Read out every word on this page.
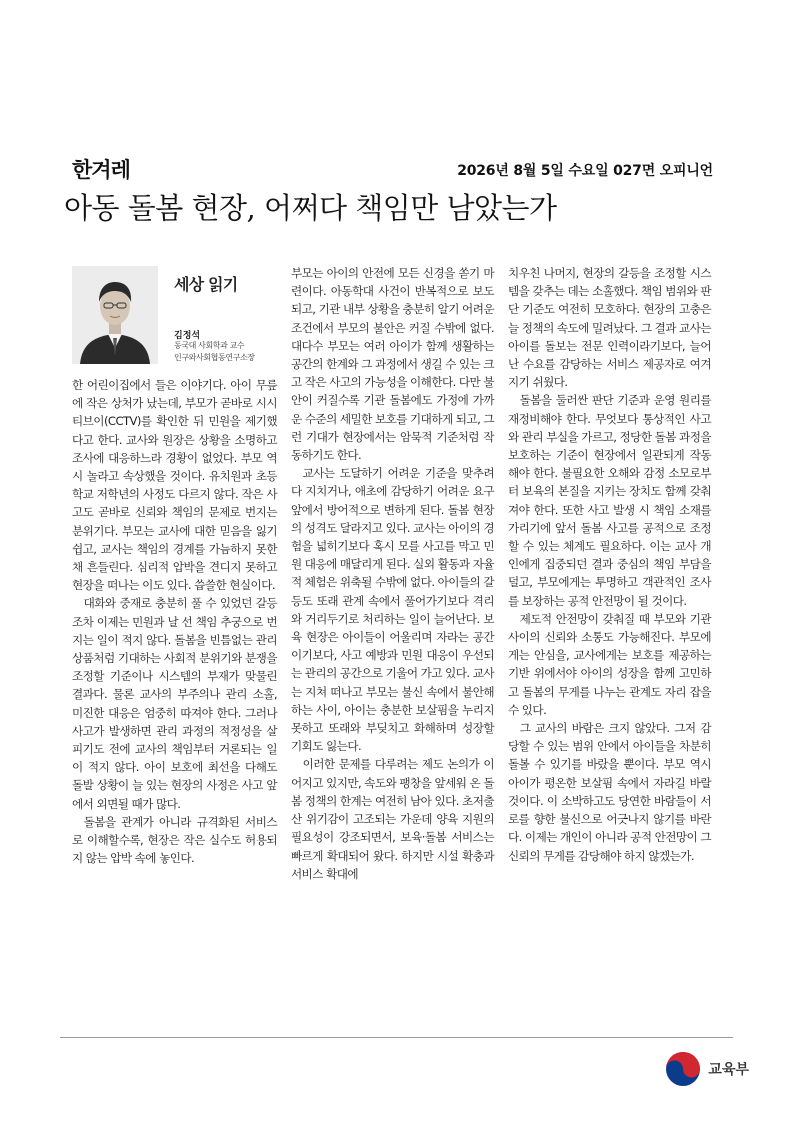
한겨레	2026년 8월 5일 수요일 027면 오피니언
아동 돌봄 현장, 어쩌다 책임만 남았는가
세상 읽기
김정석
동국대 사회학과 교수
인구와사회협동연구소장

한 어린이집에서 들은 이야기다. 아이 무릎에 작은 상처가 났는데, 부모가 곧바로 시시티브이(CCTV)를 확인한 뒤 민원을 제기했다고 한다. 교사와 원장은 상황을 소명하고 조사에 대응하느라 경황이 없었다. 부모 역시 놀라고 속상했을 것이다. 유치원과 초등학교 저학년의 사정도 다르지 않다. 작은 사고도 곧바로 신뢰와 책임의 문제로 번지는 분위기다. 부모는 교사에 대한 믿음을 잃기 쉽고, 교사는 책임의 경계를 가늠하지 못한 채 흔들린다. 심리적 압박을 견디지 못하고 현장을 떠나는 이도 있다. 씁쓸한 현실이다.

대화와 중재로 충분히 풀 수 있었던 갈등조차 이제는 민원과 날 선 책임 추궁으로 번지는 일이 적지 않다. 돌봄을 빈틈없는 관리 상품처럼 기대하는 사회적 분위기와 분쟁을 조정할 기준이나 시스템의 부재가 맞물린 결과다. 물론 교사의 부주의나 관리 소홀, 미진한 대응은 엄중히 따져야 한다. 그러나 사고가 발생하면 관리 과정의 적정성을 살피기도 전에 교사의 책임부터 거론되는 일이 적지 않다. 아이 보호에 최선을 다해도 돌발 상황이 늘 있는 현장의 사정은 사고 앞에서 외면될 때가 많다.

돌봄을 관계가 아니라 규격화된 서비스로 이해할수록, 현장은 작은 실수도 허용되지 않는 압박 속에 놓인다.

부모는 아이의 안전에 모든 신경을 쏟기 마련이다. 아동학대 사건이 반복적으로 보도되고, 기관 내부 상황을 충분히 알기 어려운 조건에서 부모의 불안은 커질 수밖에 없다. 대다수 부모는 여러 아이가 함께 생활하는 공간의 한계와 그 과정에서 생길 수 있는 크고 작은 사고의 가능성을 이해한다. 다만 불안이 커질수록 기관 돌봄에도 가정에 가까운 수준의 세밀한 보호를 기대하게 되고, 그런 기대가 현장에서는 암묵적 기준처럼 작동하기도 한다.

교사는 도달하기 어려운 기준을 맞추려다 지치거나, 애초에 감당하기 어려운 요구 앞에서 방어적으로 변하게 된다. 돌봄 현장의 성격도 달라지고 있다. 교사는 아이의 경험을 넓히기보다 혹시 모를 사고를 막고 민원 대응에 매달리게 된다. 실외 활동과 자율적 체험은 위축될 수밖에 없다. 아이들의 갈등도 또래 관계 속에서 풀어가기보다 격리와 거리두기로 처리하는 일이 늘어난다. 보육 현장은 아이들이 어울리며 자라는 공간이기보다, 사고 예방과 민원 대응이 우선되는 관리의 공간으로 기울어 가고 있다. 교사는 지쳐 떠나고 부모는 불신 속에서 불안해하는 사이, 아이는 충분한 보살핌을 누리지 못하고 또래와 부딪치고 화해하며 성장할 기회도 잃는다.

이러한 문제를 다루려는 제도 논의가 이어지고 있지만, 속도와 팽창을 앞세워 온 돌봄 정책의 한계는 여전히 남아 있다. 초저출산 위기감이 고조되는 가운데 양육 지원의 필요성이 강조되면서, 보육·돌봄 서비스는 빠르게 확대되어 왔다. 하지만 시설 확충과 서비스 확대에

치우친 나머지, 현장의 갈등을 조정할 시스템을 갖추는 데는 소홀했다. 책임 범위와 판단 기준도 여전히 모호하다. 현장의 고충은 늘 정책의 속도에 밀려났다. 그 결과 교사는 아이를 돌보는 전문 인력이라기보다, 늘어난 수요를 감당하는 서비스 제공자로 여겨지기 쉬웠다.

돌봄을 둘러싼 판단 기준과 운영 원리를 재정비해야 한다. 무엇보다 통상적인 사고와 관리 부실을 가르고, 정당한 돌봄 과정을 보호하는 기준이 현장에서 일관되게 작동해야 한다. 불필요한 오해와 감정 소모로부터 보육의 본질을 지키는 장치도 함께 갖춰져야 한다. 또한 사고 발생 시 책임 소재를 가리기에 앞서 돌봄 사고를 공적으로 조정할 수 있는 체계도 필요하다. 이는 교사 개인에게 집중되던 결과 중심의 책임 부담을 덜고, 부모에게는 투명하고 객관적인 조사를 보장하는 공적 안전망이 될 것이다.

제도적 안전망이 갖춰질 때 부모와 기관 사이의 신뢰와 소통도 가능해진다. 부모에게는 안심을, 교사에게는 보호를 제공하는 기반 위에서야 아이의 성장을 함께 고민하고 돌봄의 무게를 나누는 관계도 자리 잡을 수 있다.

그 교사의 바람은 크지 않았다. 그저 감당할 수 있는 범위 안에서 아이들을 차분히 돌볼 수 있기를 바랐을 뿐이다. 부모 역시 아이가 평온한 보살핌 속에서 자라길 바랄 것이다. 이 소박하고도 당연한 바람들이 서로를 향한 불신으로 어긋나지 않기를 바란다. 이제는 개인이 아니라 공적 안전망이 그 신뢰의 무게를 감당해야 하지 않겠는가.

교육부
